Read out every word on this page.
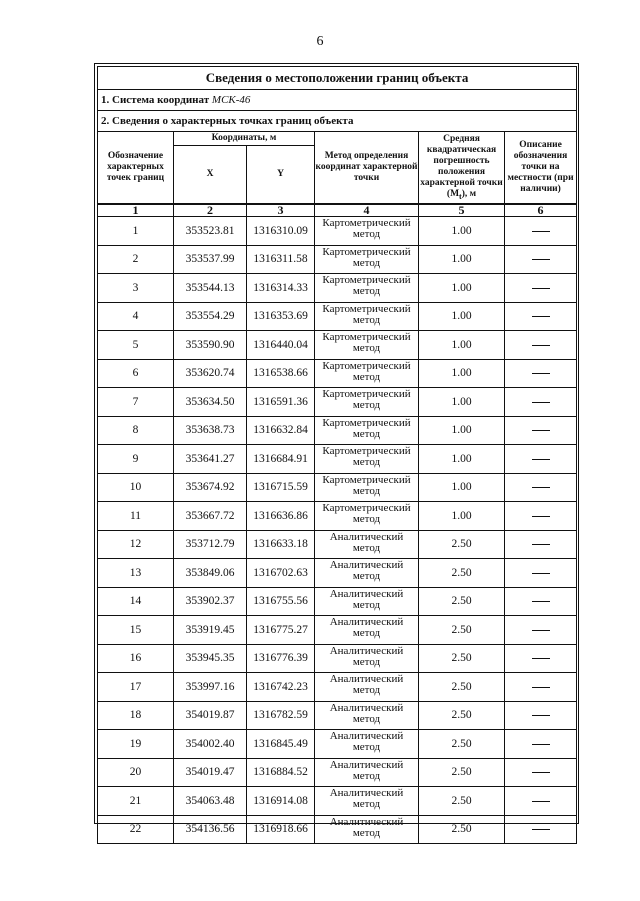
6
Сведения о местоположении границ объекта					
1. Система координат МСК-46					
2. Сведения о характерных точках границ объекта					
Обозначение характерных точек границ	Координаты, м		Метод определения координат характерной точки	Средняя квадратическая погрешность положения характерной точки $(M_t)$, м	Описание обозначения точки на местности (при наличии)
	X	Y			
1	2	3	4	5	6
1	353523.81	1316310.09	Картометрический метод	1.00	
2	353537.99	1316311.58	Картометрический метод	1.00	
3	353544.13	1316314.33	Картометрический метод	1.00	
4	353554.29	1316353.69	Картометрический метод	1.00	
5	353590.90	1316440.04	Картометрический метод	1.00	
6	353620.74	1316538.66	Картометрический метод	1.00	
7	353634.50	1316591.36	Картометрический метод	1.00	
8	353638.73	1316632.84	Картометрический метод	1.00	
9	353641.27	1316684.91	Картометрический метод	1.00	
10	353674.92	1316715.59	Картометрический метод	1.00	
11	353667.72	1316636.86	Картометрический метод	1.00	
12	353712.79	1316633.18	Аналитический метод	2.50	
13	353849.06	1316702.63	Аналитический метод	2.50	
14	353902.37	1316755.56	Аналитический метод	2.50	
15	353919.45	1316775.27	Аналитический метод	2.50	
16	353945.35	1316776.39	Аналитический метод	2.50	
17	353997.16	1316742.23	Аналитический метод	2.50	
18	354019.87	1316782.59	Аналитический метод	2.50	
19	354002.40	1316845.49	Аналитический метод	2.50	
20	354019.47	1316884.52	Аналитический метод	2.50	
21	354063.48	1316914.08	Аналитический метод	2.50	
22	354136.56	1316918.66	Аналитический метод	2.50	
